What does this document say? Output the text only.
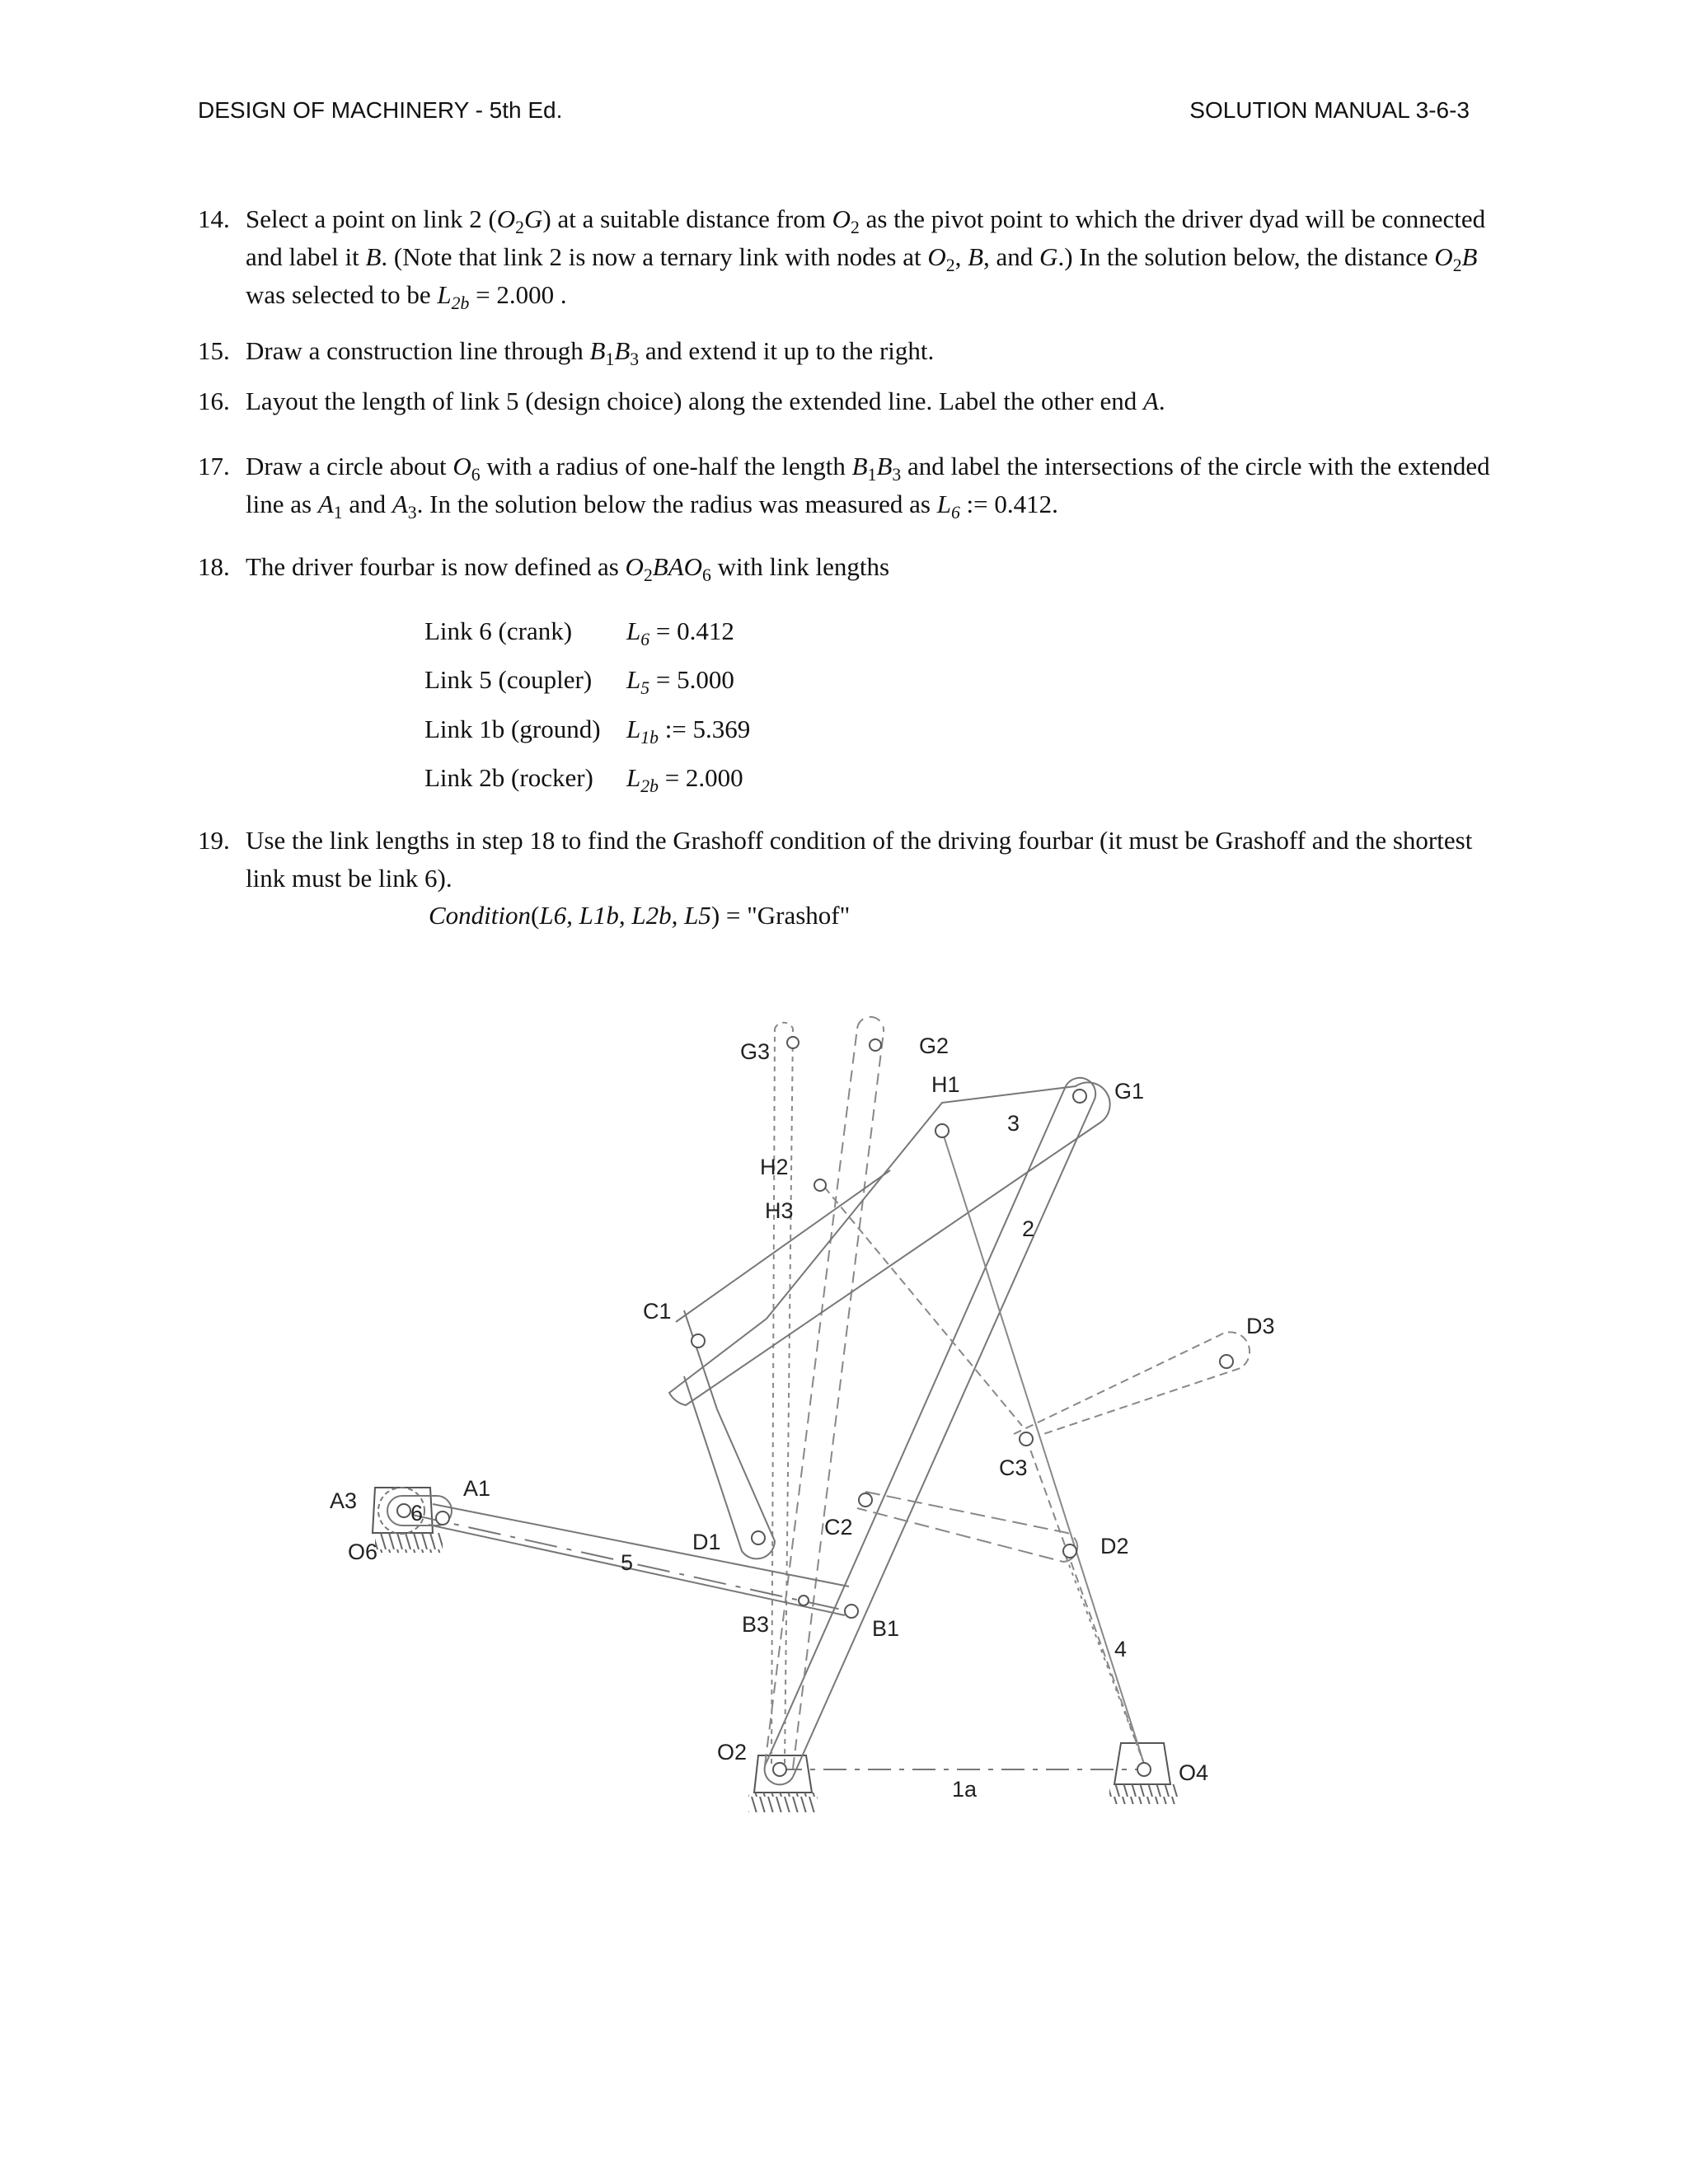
DESIGN OF MACHINERY - 5th Ed.	SOLUTION MANUAL 3-6-3
14. Select a point on link 2 $(O_2G)$ at a suitable distance from $O_2$ as the pivot point to which the driver dyad will be connected and label it B. (Note that link 2 is now a ternary link with nodes at $O_2$, B, and G.) In the solution below, the distance $O_2B$ was selected to be $L_{2b} = 2.000$ .
15. Draw a construction line through $B_1B_3$ and extend it up to the right.
16. Layout the length of link 5 (design choice) along the extended line. Label the other end A.
17. Draw a circle about $O_6$ with a radius of one-half the length $B_1B_3$ and label the intersections of the circle with the extended line as $A_1$ and $A_3$. In the solution below the radius was measured as $L_6$ := 0.412.
18. The driver fourbar is now defined as $O_2BAO_6$ with link lengths
Link 6 (crank) $L_6 = 0.412$
Link 5 (coupler) $L_5 = 5.000$
Link 1b (ground) $L_{1b}$ := 5.369
Link 2b (rocker) $L_{2b} = 2.000$
19. Use the link lengths in step 18 to find the Grashoff condition of the driving fourbar (it must be Grashoff and the shortest link must be link 6).
Condition(L6, L1b, L2b, L5) = "Grashof"
G3	G2
H1	G1
3
H2
H3
2
C1
D3
C3
A3	A1
6
O6	D1
C2
D2
5
B3	B1
4
O2
O4
1a
